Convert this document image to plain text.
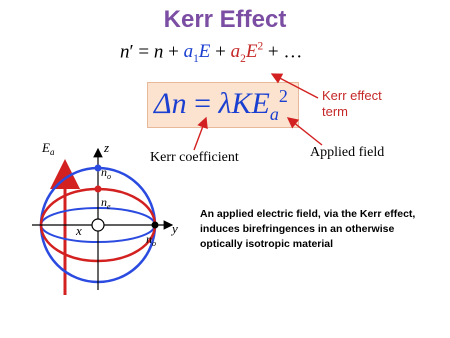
Kerr Effect
$n' = n + a_1E + a_2E^2$ + …
Δn = λKE$_a^2$	Kerr effect term
Kerr coefficient	Applied field
$E_a$	z
y
x
$n_o$
$n_e$
$n_o$
An applied electric field, via the Kerr effect, induces birefringences in an otherwise optically isotropic material
